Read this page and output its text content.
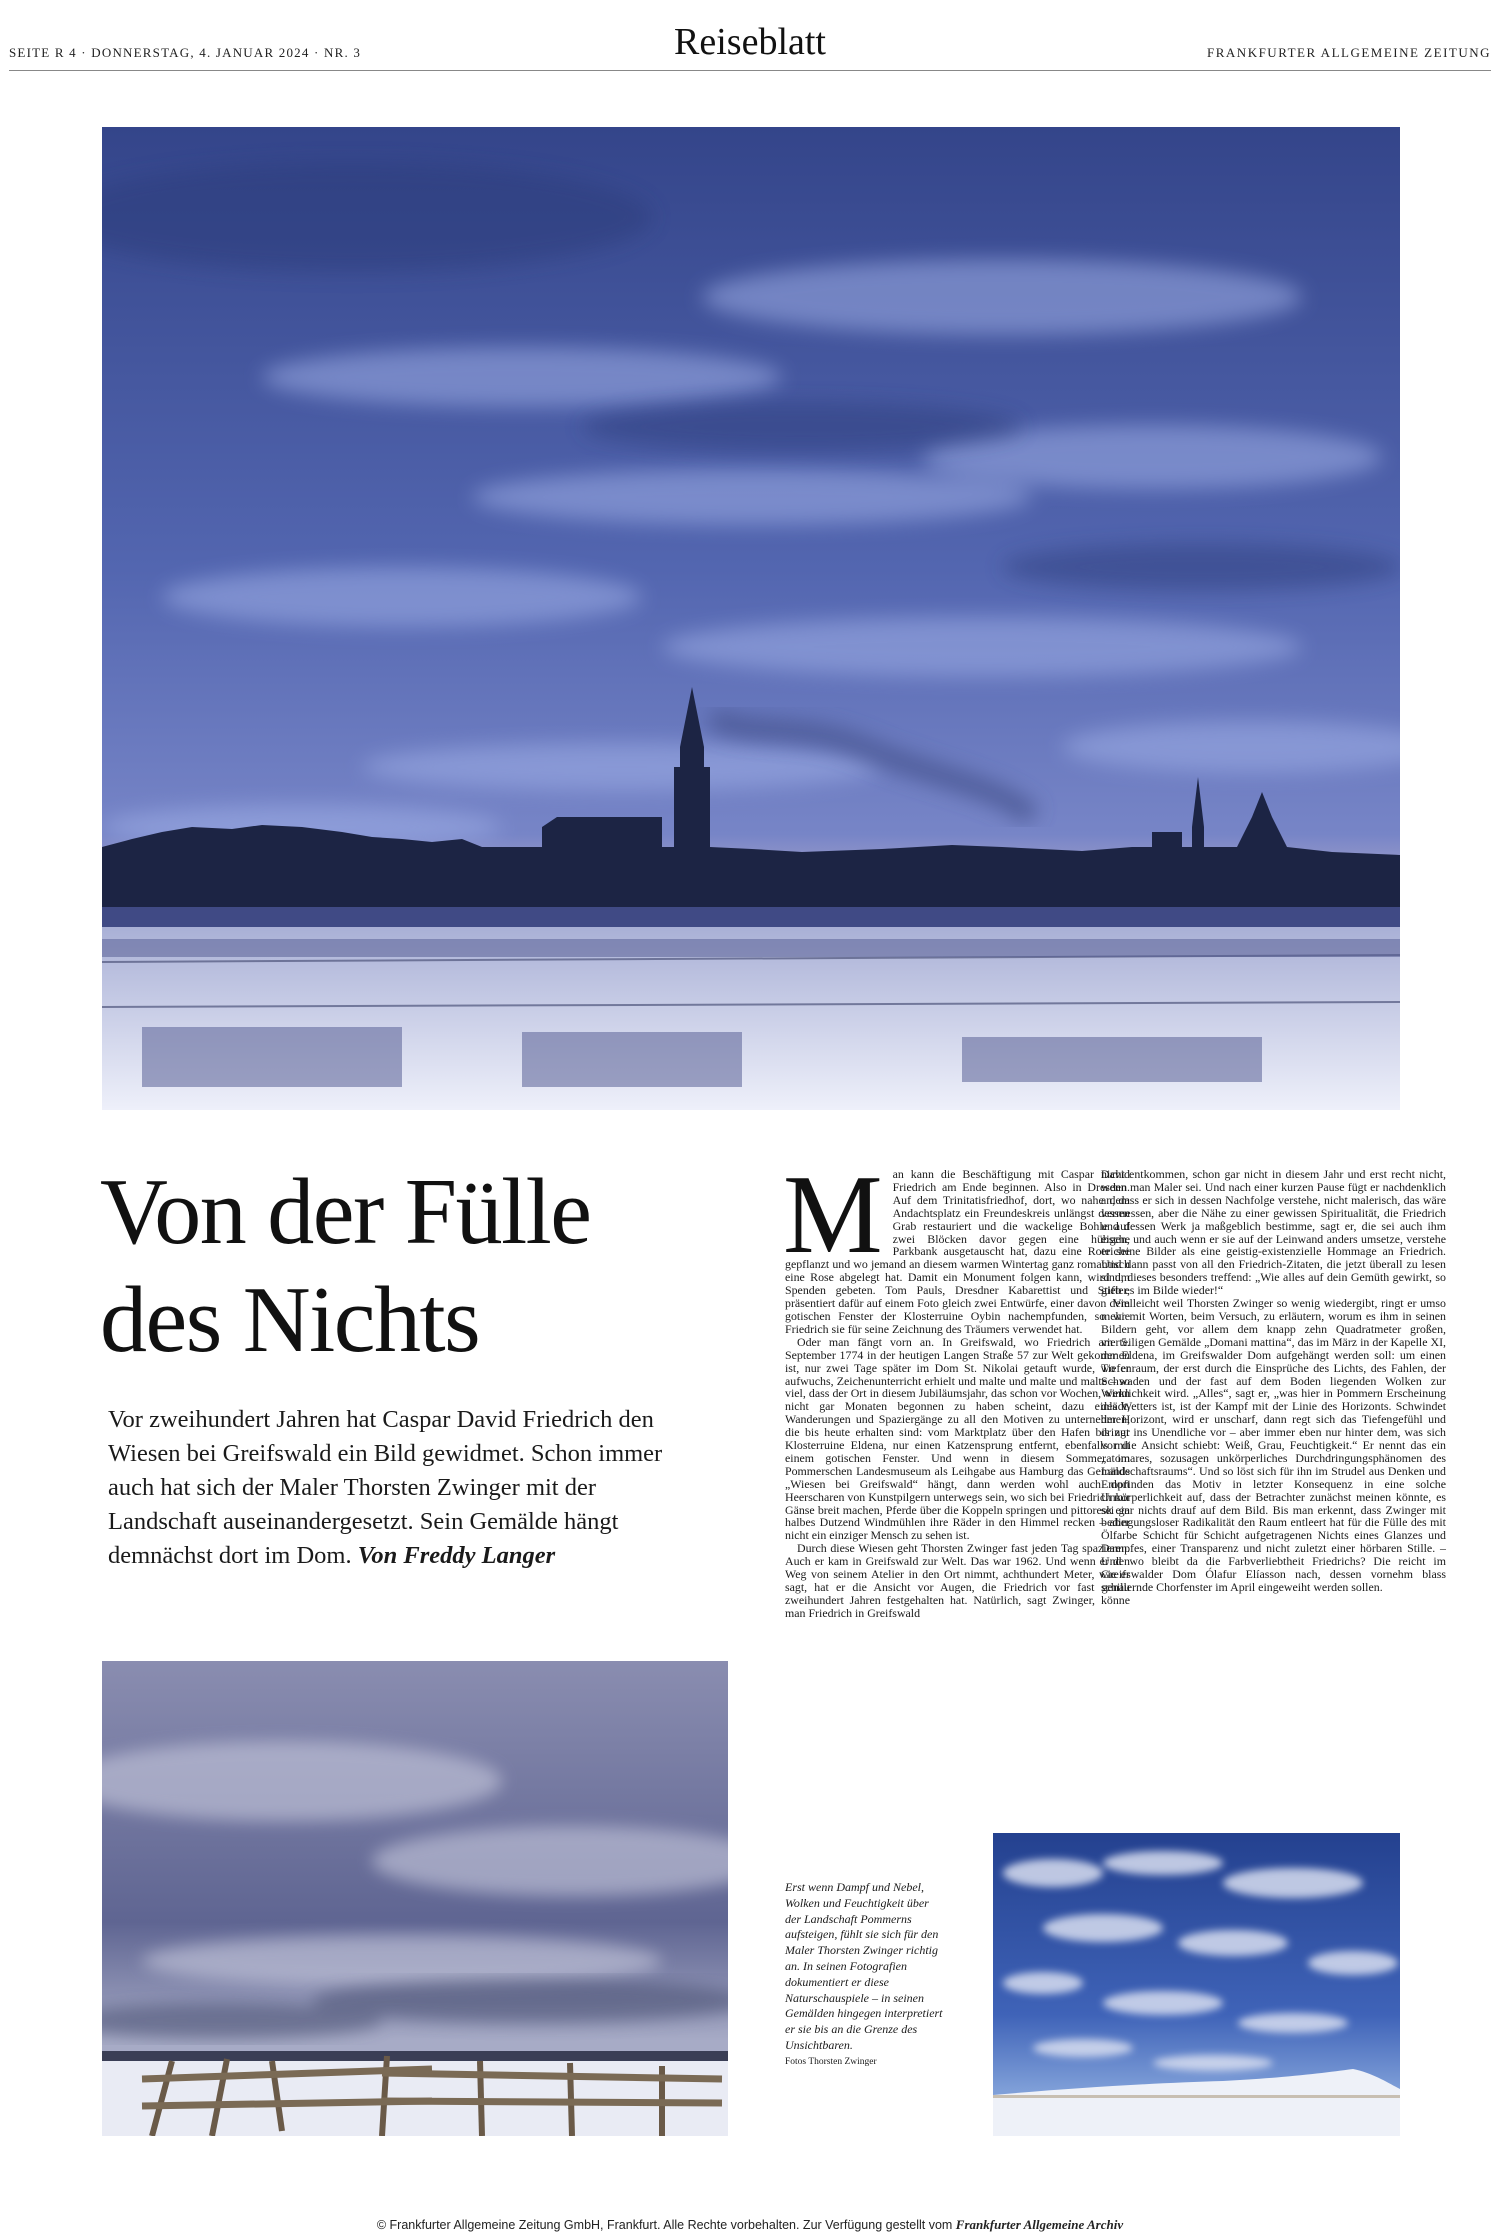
SEITE R 4 · DONNERSTAG, 4. JANUAR 2024 · NR. 3	Reiseblatt	FRANKFURTER ALLGEMEINE ZEITUNG
Von der Fülle
des Nichts

Vor zweihundert Jahren hat Caspar David Friedrich den Wiesen bei Greifswald ein Bild gewidmet. Schon immer auch hat sich der Maler Thorsten Zwinger mit der Landschaft auseinandergesetzt. Sein Gemälde hängt demnächst dort im Dom. Von Freddy Langer

M an kann die Beschäftigung mit Caspar David Friedrich am Ende beginnen. Also in Dresden. Auf dem Trinitatisfriedhof, dort, wo nahe dem Andachtsplatz ein Freundeskreis unlängst dessen Grab restauriert und die wackelige Bohle auf zwei Blöcken davor gegen eine hübsche Parkbank ausgetauscht hat, dazu eine Roteiche gepflanzt und wo jemand an diesem warmen Wintertag ganz romantisch eine Rose abgelegt hat. Damit ein Monument folgen kann, wird um Spenden gebeten. Tom Pauls, Dresdner Kabarettist und Stifter, präsentiert dafür auf einem Foto gleich zwei Entwürfe, einer davon dem gotischen Fenster der Klosterruine Oybin nachempfunden, so wie Friedrich sie für seine Zeichnung des Träumers verwendet hat.

Oder man fängt vorn an. In Greifswald, wo Friedrich am 5. September 1774 in der heutigen Langen Straße 57 zur Welt gekommen ist, nur zwei Tage später im Dom St. Nikolai getauft wurde, wo er aufwuchs, Zeichenunterricht erhielt und malte und malte und malte – so viel, dass der Ort in diesem Jubiläumsjahr, das schon vor Wochen, wenn nicht gar Monaten begonnen zu haben scheint, dazu einlädt, Wanderungen und Spaziergänge zu all den Motiven zu unternehmen, die bis heute erhalten sind: vom Marktplatz über den Hafen bis zur Klosterruine Eldena, nur einen Katzensprung entfernt, ebenfalls mit einem gotischen Fenster. Und wenn in diesem Sommer im Pommerschen Landesmuseum als Leihgabe aus Hamburg das Gemälde „Wiesen bei Greifswald“ hängt, dann werden wohl auch dort Heerscharen von Kunstpilgern unterwegs sein, wo sich bei Friedrich nur Gänse breit machen, Pferde über die Koppeln springen und pittoresk ein halbes Dutzend Windmühlen ihre Räder in den Himmel recken – aber nicht ein einziger Mensch zu sehen ist.

Durch diese Wiesen geht Thorsten Zwinger fast jeden Tag spazieren. Auch er kam in Greifswald zur Welt. Das war 1962. Und wenn er den Weg von seinem Atelier in den Ort nimmt, achthundert Meter, wie er sagt, hat er die Ansicht vor Augen, die Friedrich vor fast genau zweihundert Jahren festgehalten hat. Natürlich, sagt Zwinger, könne man Friedrich in Greifswald

nicht entkommen, schon gar nicht in diesem Jahr und erst recht nicht, wenn man Maler sei. Und nach einer kurzen Pause fügt er nachdenklich an, dass er sich in dessen Nachfolge verstehe, nicht malerisch, das wäre vermessen, aber die Nähe zu einer gewissen Spiritualität, die Friedrich und dessen Werk ja maßgeblich bestimme, sagt er, die sei auch ihm eigen, und auch wenn er sie auf der Leinwand anders umsetze, verstehe er seine Bilder als eine geistig-existenzielle Hommage an Friedrich. Und dann passt von all den Friedrich-Zitaten, die jetzt überall zu lesen sind, dieses besonders treffend: „Wie alles auf dein Gemüth gewirkt, so gieb es im Bilde wieder!“

Vielleicht weil Thorsten Zwinger so wenig wiedergibt, ringt er umso mehr mit Worten, beim Versuch, zu erläutern, worum es ihm in seinen Bildern geht, vor allem dem knapp zehn Quadratmeter großen, vierteiligen Gemälde „Domani mattina“, das im März in der Kapelle XI, der Eldena, im Greifswalder Dom aufgehängt werden soll: um einen Tiefenraum, der erst durch die Einsprüche des Lichts, des Fahlen, der Schwaden und der fast auf dem Boden liegenden Wolken zur Wirklichkeit wird. „Alles“, sagt er, „was hier in Pommern Erscheinung des Wetters ist, ist der Kampf mit der Linie des Horizonts. Schwindet der Horizont, wird er unscharf, dann regt sich das Tiefengefühl und dringt ins Unendliche vor – aber immer eben nur hinter dem, was sich vor die Ansicht schiebt: Weiß, Grau, Feuchtigkeit.“ Er nennt das ein „atomares, sozusagen unkörperliches Durchdringungsphänomen des Landschaftsraums“. Und so löst sich für ihn im Strudel aus Denken und Empfinden das Motiv in letzter Konsequenz in eine solche Unkörperlichkeit auf, dass der Betrachter zunächst meinen könnte, es sei gar nichts drauf auf dem Bild. Bis man erkennt, dass Zwinger mit bedingungsloser Radikalität den Raum entleert hat für die Fülle des mit Ölfarbe Schicht für Schicht aufgetragenen Nichts eines Glanzes und Dampfes, einer Transparenz und nicht zuletzt einer hörbaren Stille. – Und wo bleibt da die Farbverliebtheit Friedrichs? Die reicht im Greifswalder Dom Ólafur Elíasson nach, dessen vornehm blass schillernde Chorfenster im April eingeweiht werden sollen.

Erst wenn Dampf und Nebel, Wolken und Feuchtigkeit über der Landschaft Pommerns aufsteigen, fühlt sie sich für den Maler Thorsten Zwinger richtig an. In seinen Fotografien dokumentiert er diese Naturschauspiele – in seinen Gemälden hingegen interpretiert er sie bis an die Grenze des Unsichtbaren.
Fotos Thorsten Zwinger
© Frankfurter Allgemeine Zeitung GmbH, Frankfurt. Alle Rechte vorbehalten. Zur Verfügung gestellt vom Frankfurter Allgemeine Archiv
